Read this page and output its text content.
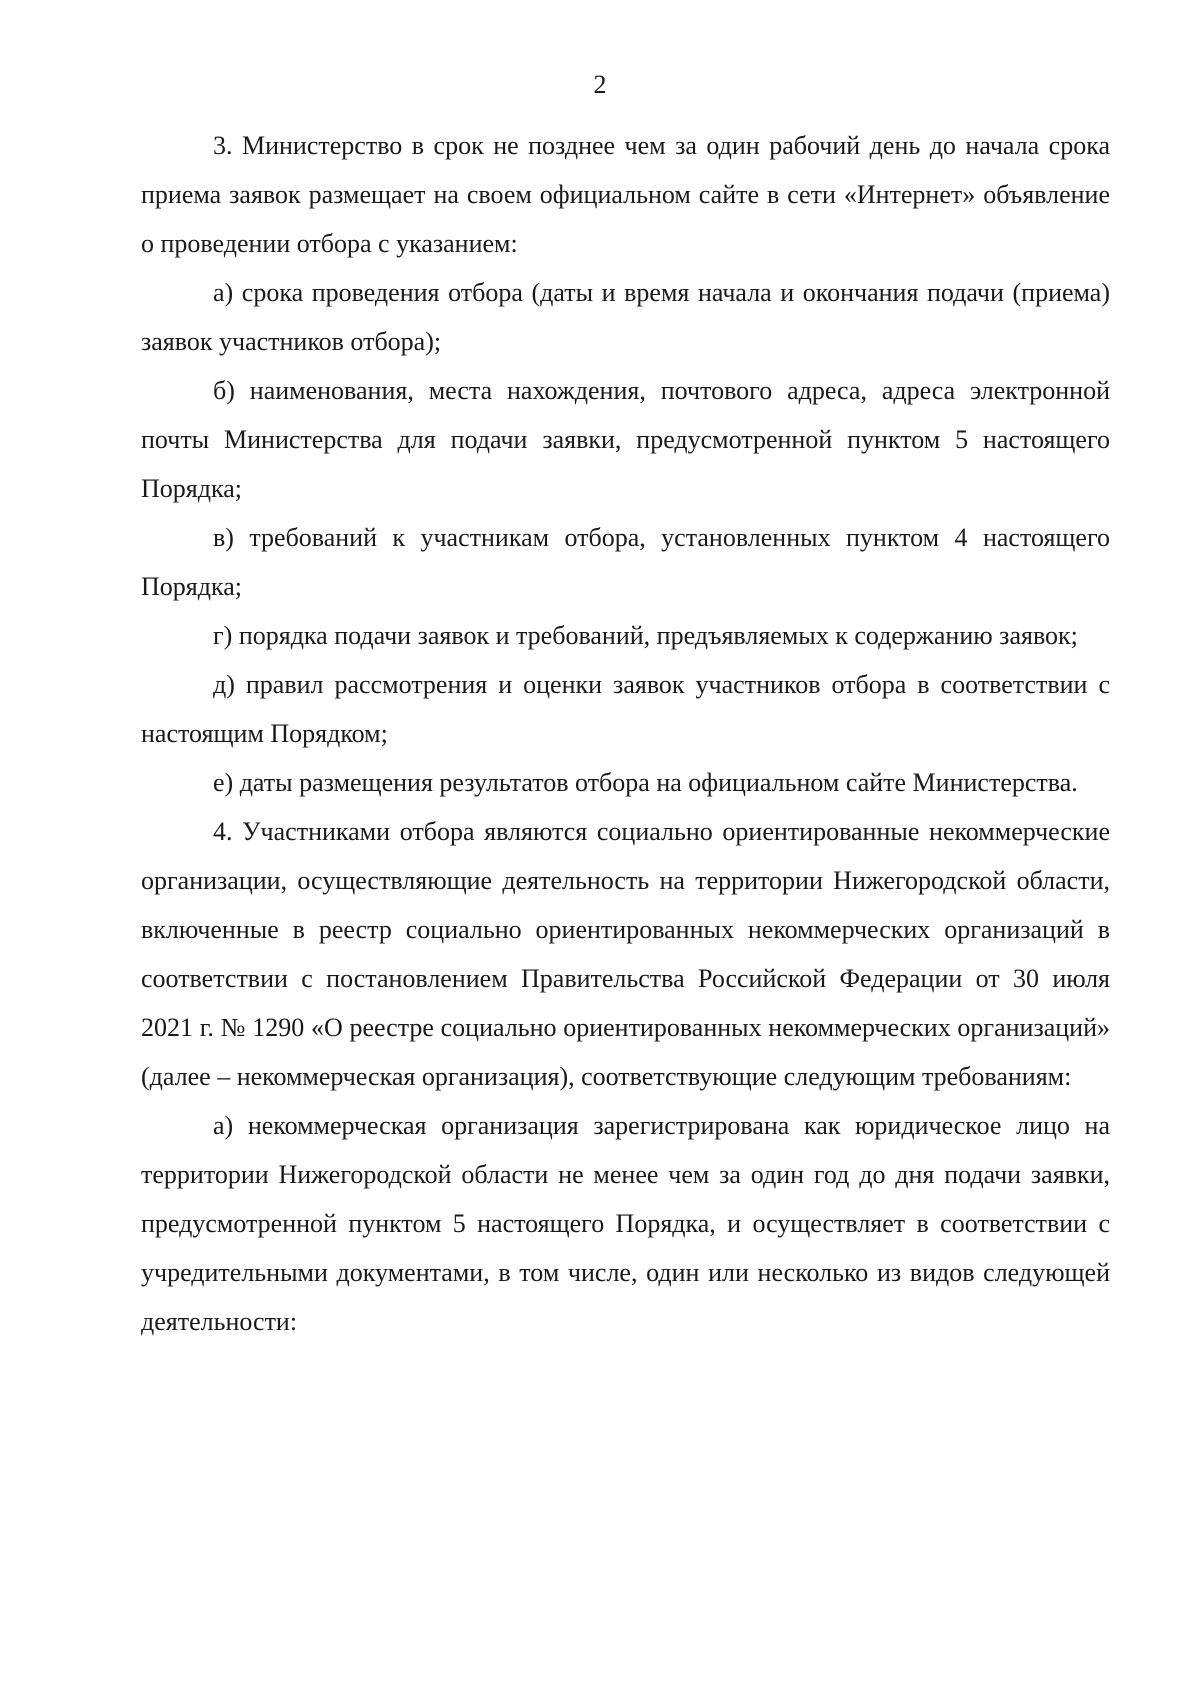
2

3. Министерство в срок не позднее чем за один рабочий день до начала срока приема заявок размещает на своем официальном сайте в сети «Интернет» объявление о проведении отбора с указанием:

а) срока проведения отбора (даты и время начала и окончания подачи (приема) заявок участников отбора);

б) наименования, места нахождения, почтового адреса, адреса электронной почты Министерства для подачи заявки, предусмотренной пунктом 5 настоящего Порядка;

в) требований к участникам отбора, установленных пунктом 4 настоящего Порядка;

г) порядка подачи заявок и требований, предъявляемых к содержанию заявок;

д) правил рассмотрения и оценки заявок участников отбора в соответствии с настоящим Порядком;

е) даты размещения результатов отбора на официальном сайте Министерства.

4. Участниками отбора являются социально ориентированные некоммерческие организации, осуществляющие деятельность на территории Нижегородской области, включенные в реестр социально ориентированных некоммерческих организаций в соответствии с постановлением Правительства Российской Федерации от 30 июля 2021 г. № 1290 «О реестре социально ориентированных некоммерческих организаций» (далее – некоммерческая организация), соответствующие следующим требованиям:

а) некоммерческая организация зарегистрирована как юридическое лицо на территории Нижегородской области не менее чем за один год до дня подачи заявки, предусмотренной пунктом 5 настоящего Порядка, и осуществляет в соответствии с учредительными документами, в том числе, один или несколько из видов следующей деятельности:
